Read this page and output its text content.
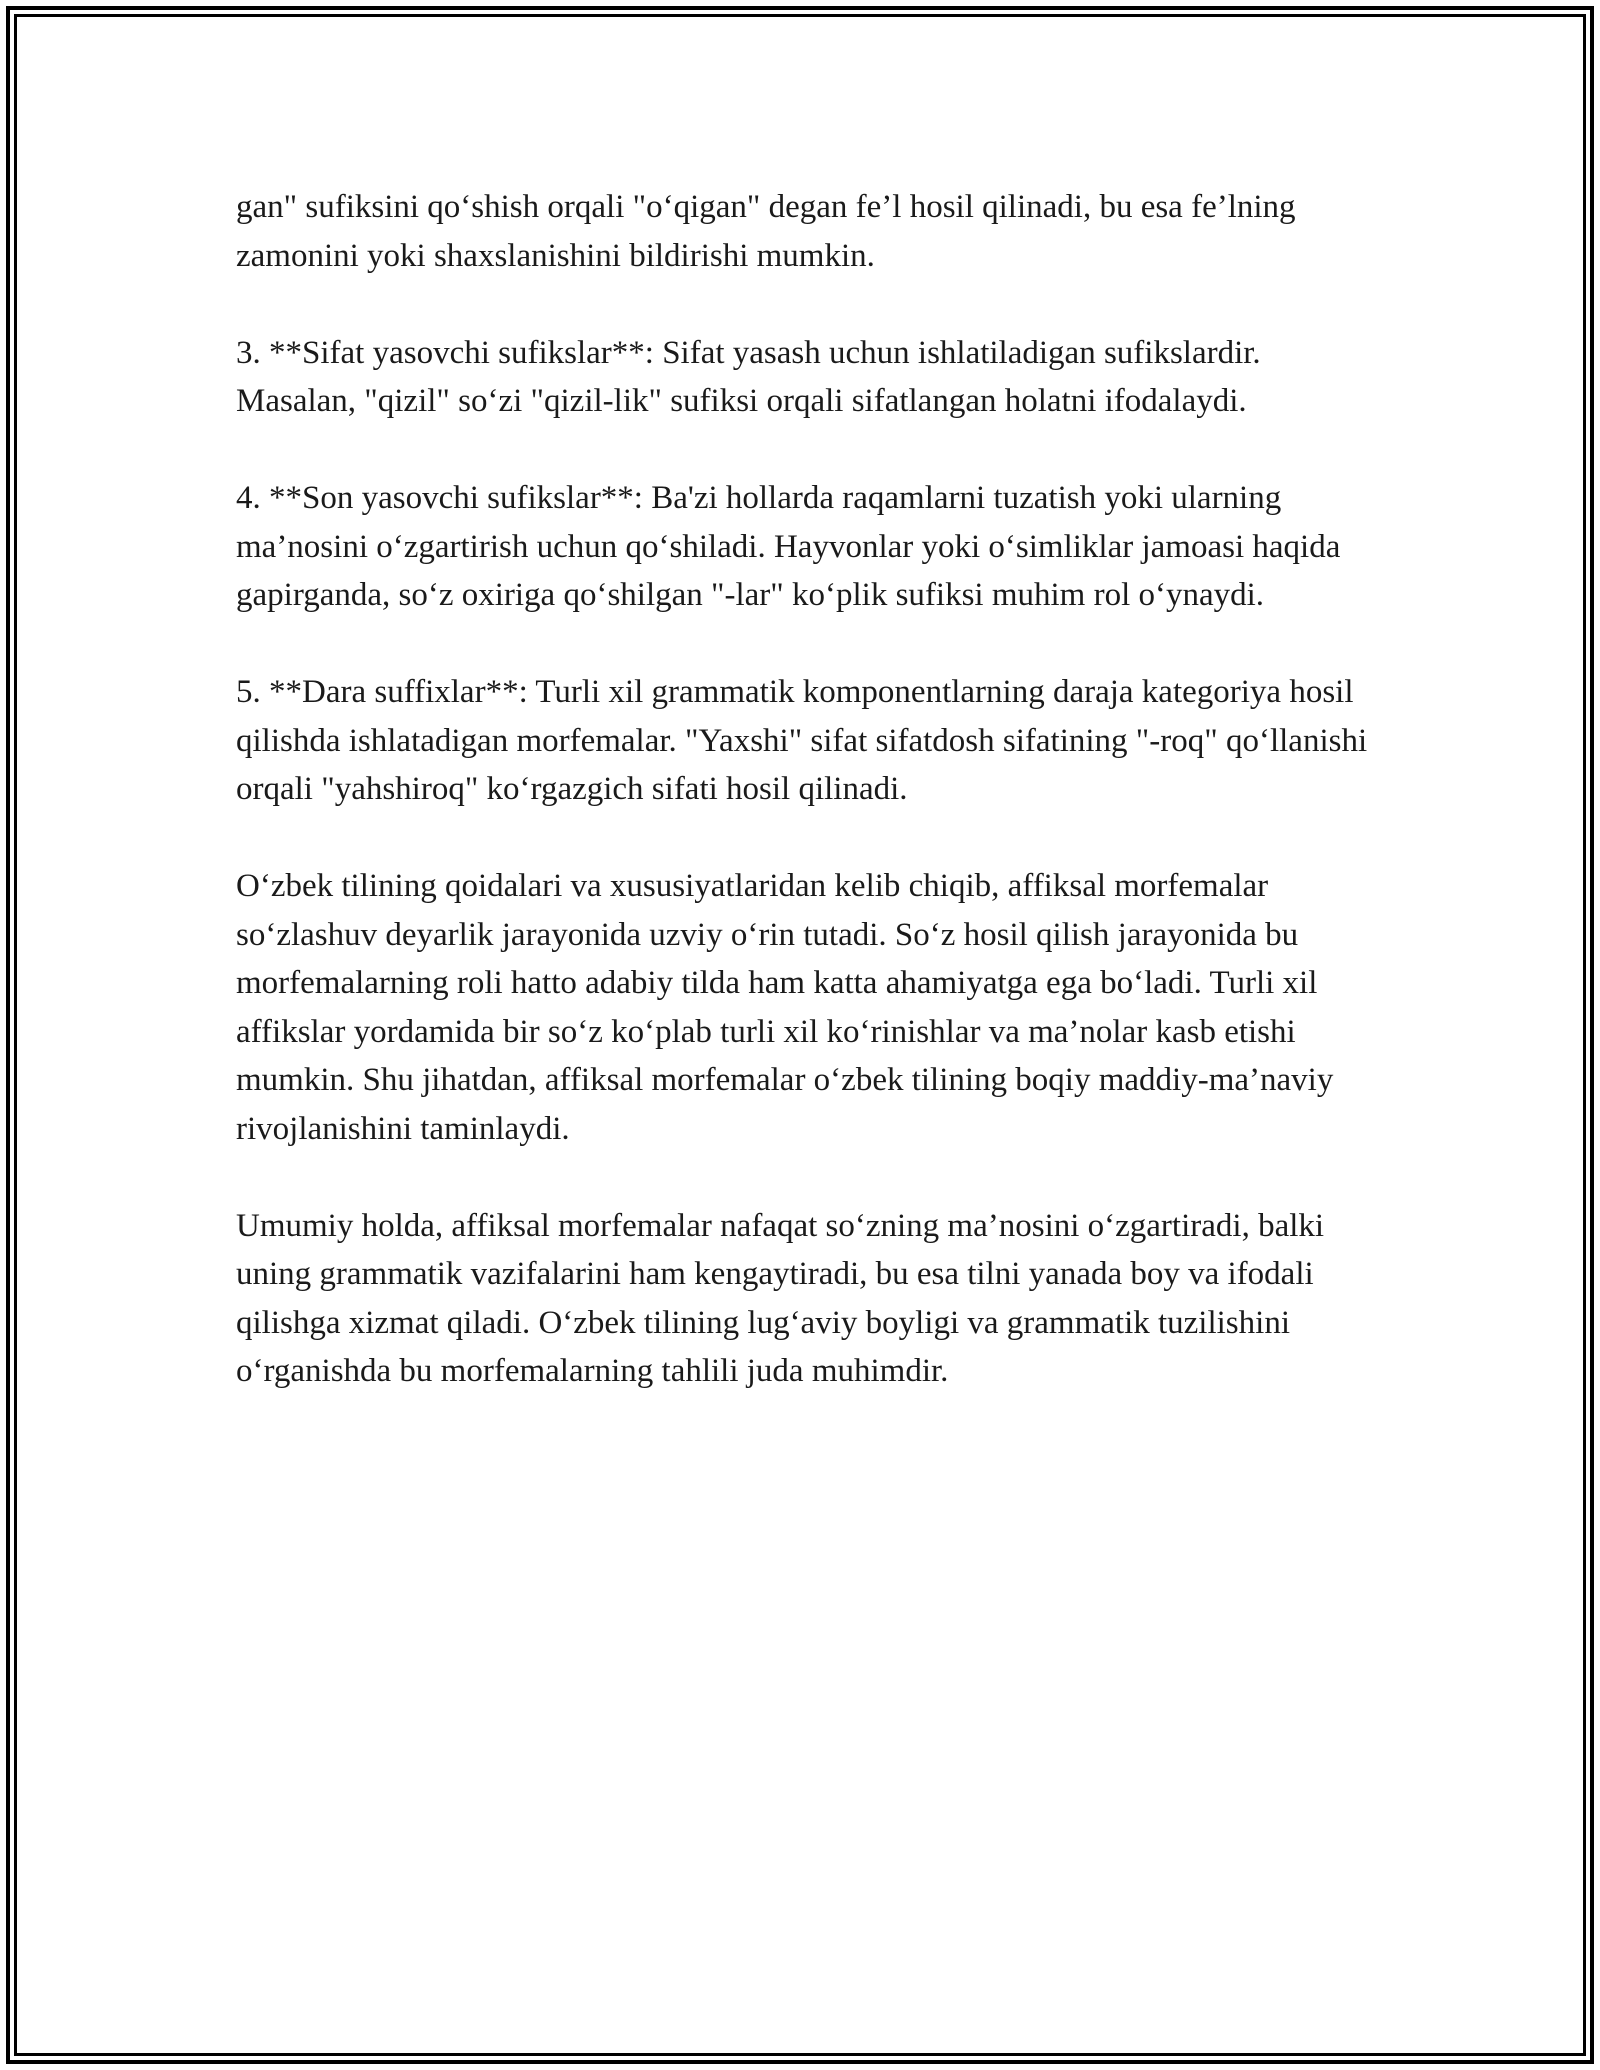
gan" sufiksini qo‘shish orqali "o‘qigan" degan fe’l hosil qilinadi, bu esa fe’lning zamonini yoki shaxslanishini bildirishi mumkin.

3. **Sifat yasovchi sufikslar**: Sifat yasash uchun ishlatiladigan sufikslardir. Masalan, "qizil" so‘zi "qizil-lik" sufiksi orqali sifatlangan holatni ifodalaydi.

4. **Son yasovchi sufikslar**: Ba'zi hollarda raqamlarni tuzatish yoki ularning ma’nosini o‘zgartirish uchun qo‘shiladi. Hayvonlar yoki o‘simliklar jamoasi haqida gapirganda, so‘z oxiriga qo‘shilgan "-lar" ko‘plik sufiksi muhim rol o‘ynaydi.

5. **Dara suffixlar**: Turli xil grammatik komponentlarning daraja kategoriya hosil qilishda ishlatadigan morfemalar. "Yaxshi" sifat sifatdosh sifatining "-roq" qo‘llanishi orqali "yahshiroq" ko‘rgazgich sifati hosil qilinadi.

O‘zbek tilining qoidalari va xususiyatlaridan kelib chiqib, affiksal morfemalar so‘zlashuv deyarlik jarayonida uzviy o‘rin tutadi. So‘z hosil qilish jarayonida bu morfemalarning roli hatto adabiy tilda ham katta ahamiyatga ega bo‘ladi. Turli xil affikslar yordamida bir so‘z ko‘plab turli xil ko‘rinishlar va ma’nolar kasb etishi mumkin. Shu jihatdan, affiksal morfemalar o‘zbek tilining boqiy maddiy-ma’naviy rivojlanishini taminlaydi.

Umumiy holda, affiksal morfemalar nafaqat so‘zning ma’nosini o‘zgartiradi, balki uning grammatik vazifalarini ham kengaytiradi, bu esa tilni yanada boy va ifodali qilishga xizmat qiladi. O‘zbek tilining lug‘aviy boyligi va grammatik tuzilishini o‘rganishda bu morfemalarning tahlili juda muhimdir.
